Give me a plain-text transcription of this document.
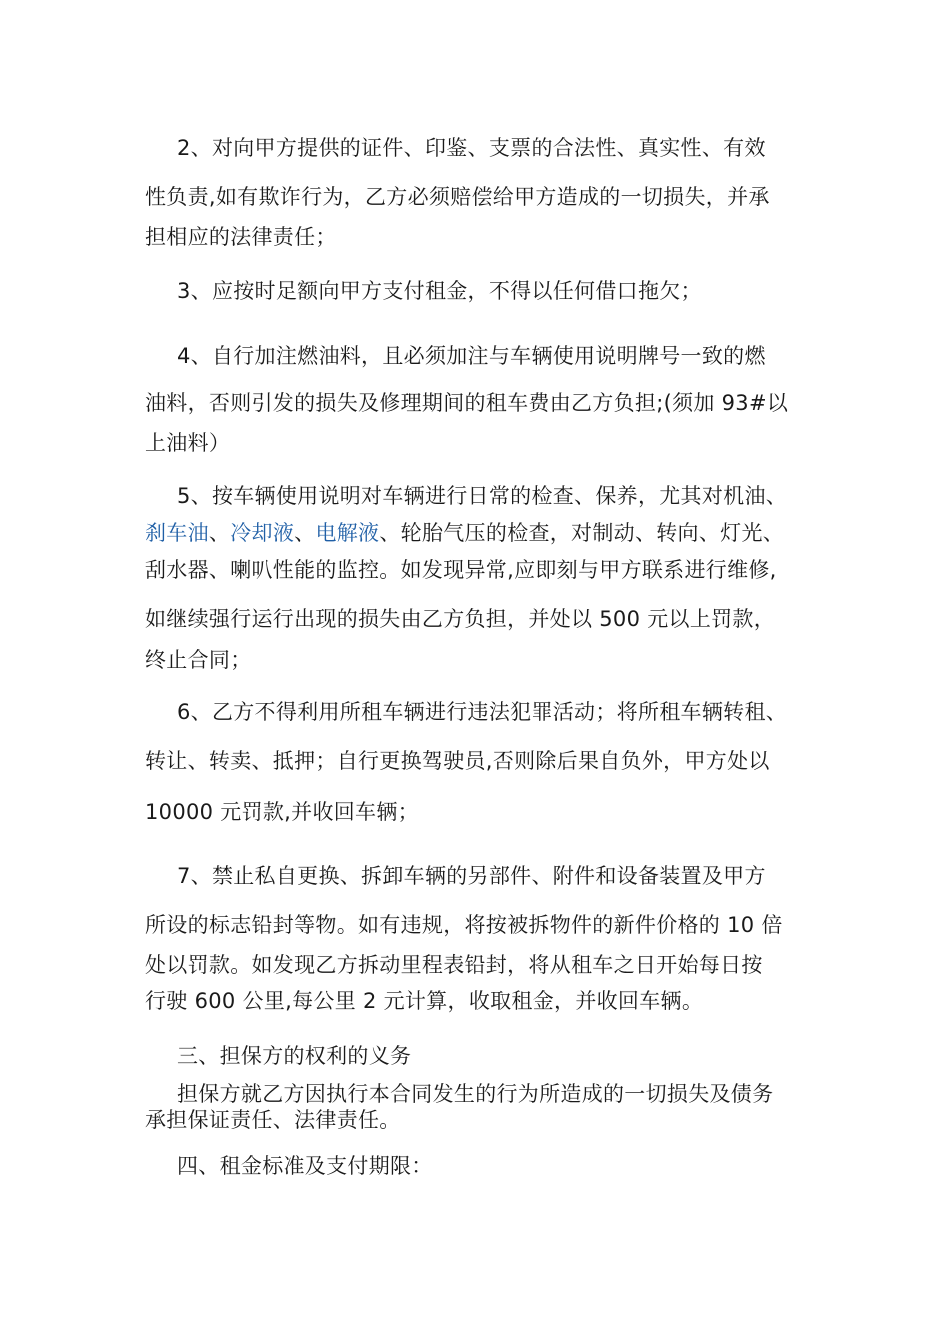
2、对向甲方提供的证件、印鉴、支票的合法性、真实性、有效
性负责,如有欺诈行为，乙方必须赔偿给甲方造成的一切损失，并承
担相应的法律责任；
3、应按时足额向甲方支付租金，不得以任何借口拖欠；
4、自行加注燃油料，且必须加注与车辆使用说明牌号一致的燃
油料，否则引发的损失及修理期间的租车费由乙方负担;(须加 93#以
上油料）
5、按车辆使用说明对车辆进行日常的检查、保养，尤其对机油、
刹车油、冷却液、电解液、轮胎气压的检查，对制动、转向、灯光、
刮水器、喇叭性能的监控。如发现异常,应即刻与甲方联系进行维修,
如继续强行运行出现的损失由乙方负担，并处以 500 元以上罚款，
终止合同；
6、乙方不得利用所租车辆进行违法犯罪活动；将所租车辆转租、
转让、转卖、抵押；自行更换驾驶员,否则除后果自负外，甲方处以
10000 元罚款,并收回车辆；
7、禁止私自更换、拆卸车辆的另部件、附件和设备装置及甲方
所设的标志铅封等物。如有违规，将按被拆物件的新件价格的 10 倍
处以罚款。如发现乙方拆动里程表铅封，将从租车之日开始每日按
行驶 600 公里,每公里 2 元计算，收取租金，并收回车辆。
三、担保方的权利的义务
担保方就乙方因执行本合同发生的行为所造成的一切损失及债务
承担保证责任、法律责任。
四、租金标准及支付期限：
